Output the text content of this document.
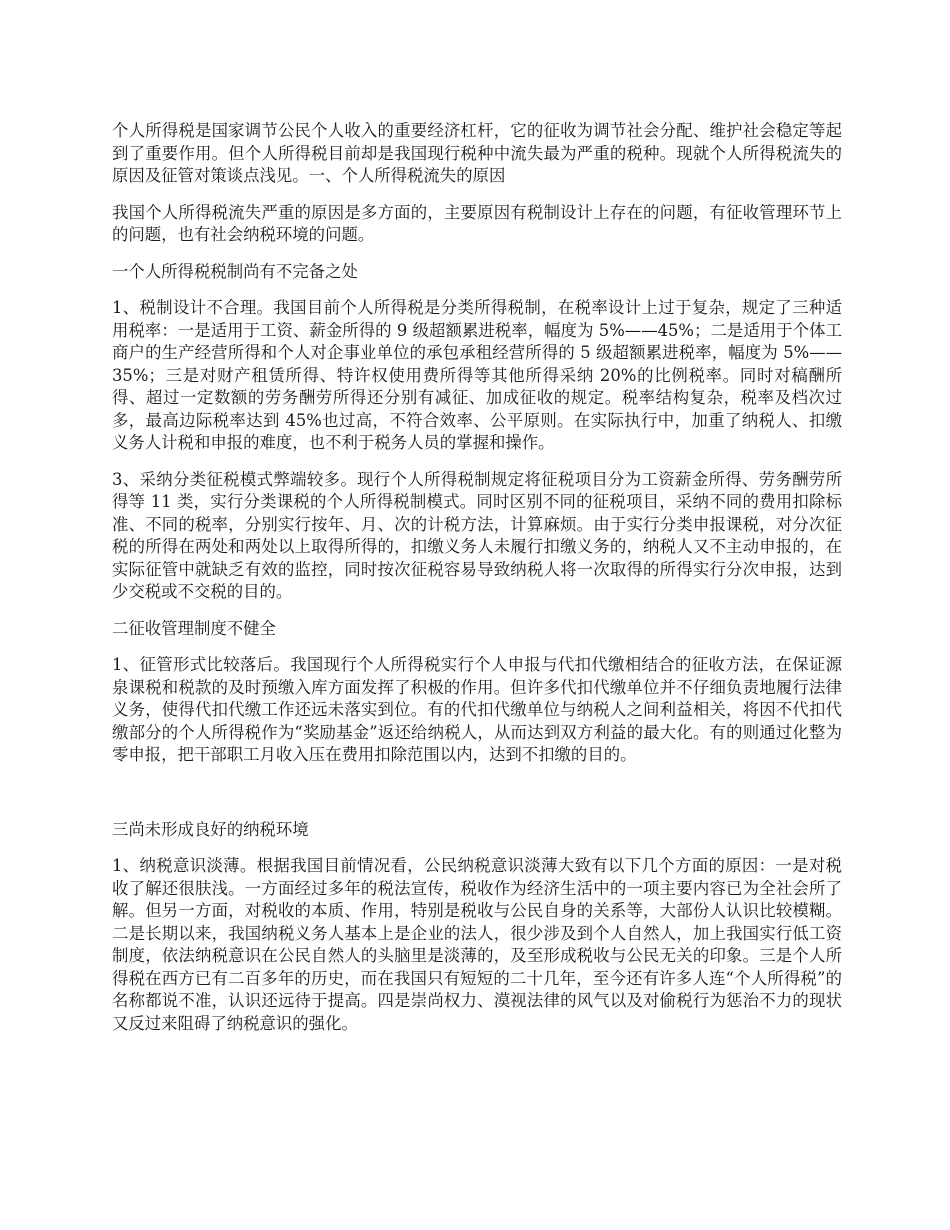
个人所得税是国家调节公民个人收入的重要经济杠杆，它的征收为调节社会分配、维护社会稳定等起到了重要作用。但个人所得税目前却是我国现行税种中流失最为严重的税种。现就个人所得税流失的原因及征管对策谈点浅见。一、个人所得税流失的原因

我国个人所得税流失严重的原因是多方面的，主要原因有税制设计上存在的问题，有征收管理环节上的问题，也有社会纳税环境的问题。

一个人所得税税制尚有不完备之处

1、税制设计不合理。我国目前个人所得税是分类所得税制，在税率设计上过于复杂，规定了三种适用税率：一是适用于工资、薪金所得的 9 级超额累进税率，幅度为 5%——45%；二是适用于个体工商户的生产经营所得和个人对企事业单位的承包承租经营所得的 5 级超额累进税率，幅度为 5%——35%；三是对财产租赁所得、特许权使用费所得等其他所得采纳 20%的比例税率。同时对稿酬所得、超过一定数额的劳务酬劳所得还分别有减征、加成征收的规定。税率结构复杂，税率及档次过多，最高边际税率达到 45%也过高，不符合效率、公平原则。在实际执行中，加重了纳税人、扣缴义务人计税和申报的难度，也不利于税务人员的掌握和操作。

3、采纳分类征税模式弊端较多。现行个人所得税制规定将征税项目分为工资薪金所得、劳务酬劳所得等 11 类，实行分类课税的个人所得税制模式。同时区别不同的征税项目，采纳不同的费用扣除标准、不同的税率，分别实行按年、月、次的计税方法，计算麻烦。由于实行分类申报课税，对分次征税的所得在两处和两处以上取得所得的，扣缴义务人未履行扣缴义务的，纳税人又不主动申报的，在实际征管中就缺乏有效的监控，同时按次征税容易导致纳税人将一次取得的所得实行分次申报，达到少交税或不交税的目的。

二征收管理制度不健全

1、征管形式比较落后。我国现行个人所得税实行个人申报与代扣代缴相结合的征收方法，在保证源泉课税和税款的及时预缴入库方面发挥了积极的作用。但许多代扣代缴单位并不仔细负责地履行法律义务，使得代扣代缴工作还远未落实到位。有的代扣代缴单位与纳税人之间利益相关，将因不代扣代缴部分的个人所得税作为“奖励基金”返还给纳税人，从而达到双方利益的最大化。有的则通过化整为零申报，把干部职工月收入压在费用扣除范围以内，达到不扣缴的目的。

三尚未形成良好的纳税环境

1、纳税意识淡薄。根据我国目前情况看，公民纳税意识淡薄大致有以下几个方面的原因：一是对税收了解还很肤浅。一方面经过多年的税法宣传，税收作为经济生活中的一项主要内容已为全社会所了解。但另一方面，对税收的本质、作用，特别是税收与公民自身的关系等，大部份人认识比较模糊。二是长期以来，我国纳税义务人基本上是企业的法人，很少涉及到个人自然人，加上我国实行低工资制度，依法纳税意识在公民自然人的头脑里是淡薄的，及至形成税收与公民无关的印象。三是个人所得税在西方已有二百多年的历史，而在我国只有短短的二十几年，至今还有许多人连“个人所得税”的名称都说不准，认识还远待于提高。四是崇尚权力、漠视法律的风气以及对偷税行为惩治不力的现状又反过来阻碍了纳税意识的强化。
